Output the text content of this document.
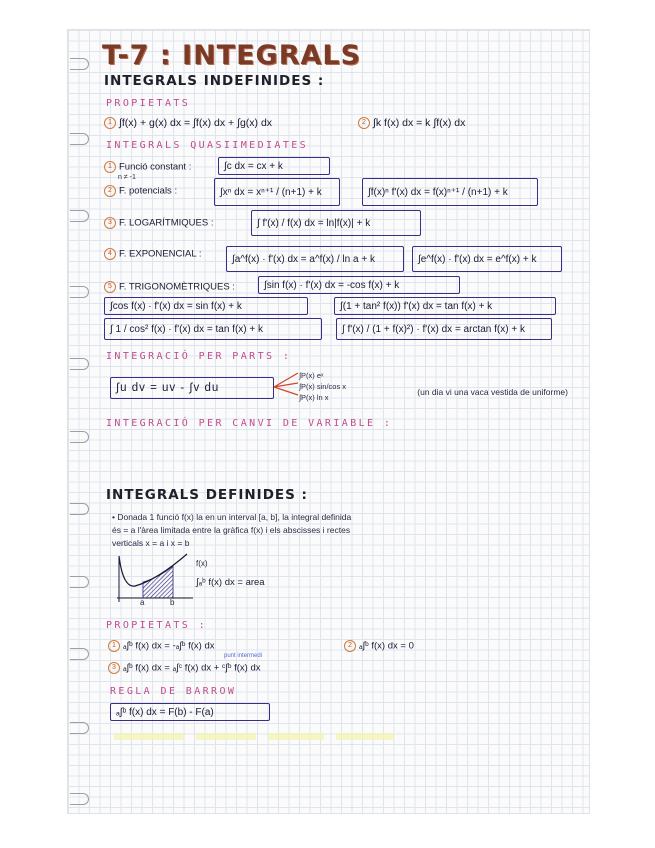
T-7 : INTEGRALS
INTEGRALS INDEFINIDES :
PROPIETATS
1 ∫f(x) + g(x) dx = ∫f(x) dx + ∫g(x) dx	2 ∫k f(x) dx = k ∫f(x) dx
INTEGRALS QUASIIMEDIATES
1 Funció constant :	∫c dx = cx + k
n ≠ -1
2 F. potencials :	∫xⁿ dx = xⁿ⁺¹ / (n+1) + k	∫f(x)ⁿ f'(x) dx = f(x)ⁿ⁺¹ / (n+1) + k
3 F. LOGARÍTMIQUES :	∫ f'(x) / f(x) dx = ln|f(x)| + k
4 F. EXPONENCIAL :	∫a^f(x) · f'(x) dx = a^f(x) / ln a + k	∫e^f(x) · f'(x) dx = e^f(x) + k
5 F. TRIGONOMÈTRIQUES :	∫sin f(x) · f'(x) dx = -cos f(x) + k
∫cos f(x) · f'(x) dx = sin f(x) + k	∫(1 + tan² f(x)) f'(x) dx = tan f(x) + k
∫ 1 / cos² f(x) · f'(x) dx = tan f(x) + k	∫ f'(x) / (1 + f(x)²) · f'(x) dx = arctan f(x) + k
INTEGRACIÓ PER PARTS :
∫u dv = uv - ∫v du
∫P(x) eˣ
∫P(x) sin/cos x
∫P(x) ln x
(un dia vi una vaca vestida de uniforme)
INTEGRACIÓ PER CANVI DE VARIABLE :
INTEGRALS DEFINIDES :
• Donada 1 funció f(x) la en un interval [a, b], la integral definida
és = a l'àrea limitada entre la gràfica f(x) i els abscisses i rectes
verticals x = a i x = b
f(x)
a	b
∫ₐᵇ f(x) dx = area
PROPIETATS :
1 ₐ∫ᵇ f(x) dx = -ₐ∫ᵇ f(x) dx	2 ₐ∫ᵇ f(x) dx = 0
3 ₐ∫ᵇ f(x) dx = ₐ∫ᶜ f(x) dx + ᶜ∫ᵇ f(x) dx
punt intermedi
REGLA DE BARROW
ₐ∫ᵇ f(x) dx = F(b) - F(a)
